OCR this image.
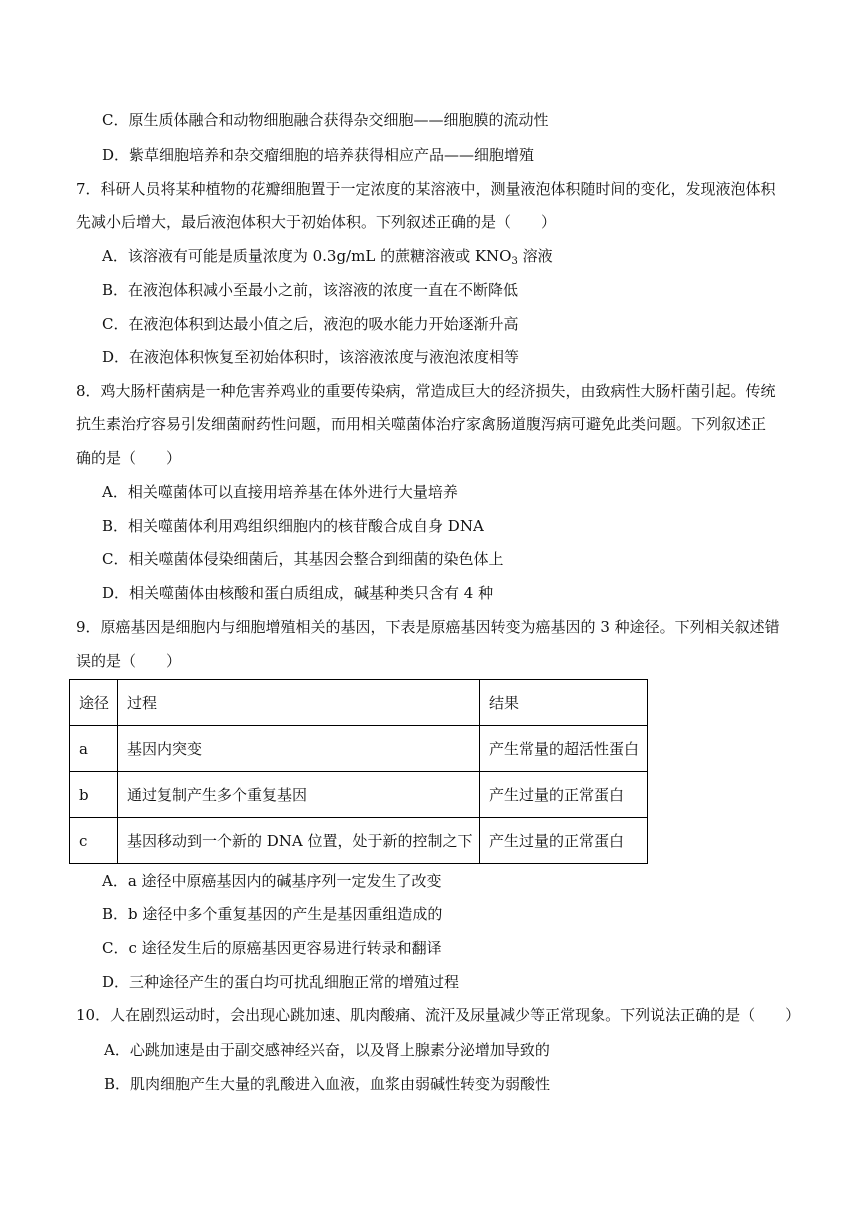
C．原生质体融合和动物细胞融合获得杂交细胞——细胞膜的流动性
D．紫草细胞培养和杂交瘤细胞的培养获得相应产品——细胞增殖
7．科研人员将某种植物的花瓣细胞置于一定浓度的某溶液中，测量液泡体积随时间的变化，发现液泡体积
先减小后增大，最后液泡体积大于初始体积。下列叙述正确的是（　　）
A．该溶液有可能是质量浓度为 0.3g/mL 的蔗糖溶液或 $KNO_3$ 溶液
B．在液泡体积减小至最小之前，该溶液的浓度一直在不断降低
C．在液泡体积到达最小值之后，液泡的吸水能力开始逐渐升高
D．在液泡体积恢复至初始体积时，该溶液浓度与液泡浓度相等
8．鸡大肠杆菌病是一种危害养鸡业的重要传染病，常造成巨大的经济损失，由致病性大肠杆菌引起。传统
抗生素治疗容易引发细菌耐药性问题，而用相关噬菌体治疗家禽肠道腹泻病可避免此类问题。下列叙述正
确的是（　　）
A．相关噬菌体可以直接用培养基在体外进行大量培养
B．相关噬菌体利用鸡组织细胞内的核苷酸合成自身 DNA
C．相关噬菌体侵染细菌后，其基因会整合到细菌的染色体上
D．相关噬菌体由核酸和蛋白质组成，碱基种类只含有 4 种
9．原癌基因是细胞内与细胞增殖相关的基因，下表是原癌基因转变为癌基因的 3 种途径。下列相关叙述错
误的是（　　）
途径	过程	结果
a	基因内突变	产生常量的超活性蛋白
b	通过复制产生多个重复基因	产生过量的正常蛋白
c	基因移动到一个新的 DNA 位置，处于新的控制之下	产生过量的正常蛋白
A．a 途径中原癌基因内的碱基序列一定发生了改变
B．b 途径中多个重复基因的产生是基因重组造成的
C．c 途径发生后的原癌基因更容易进行转录和翻译
D．三种途径产生的蛋白均可扰乱细胞正常的增殖过程
10．人在剧烈运动时，会出现心跳加速、肌肉酸痛、流汗及尿量减少等正常现象。下列说法正确的是（　　）
A．心跳加速是由于副交感神经兴奋，以及肾上腺素分泌增加导致的
B．肌肉细胞产生大量的乳酸进入血液，血浆由弱碱性转变为弱酸性
